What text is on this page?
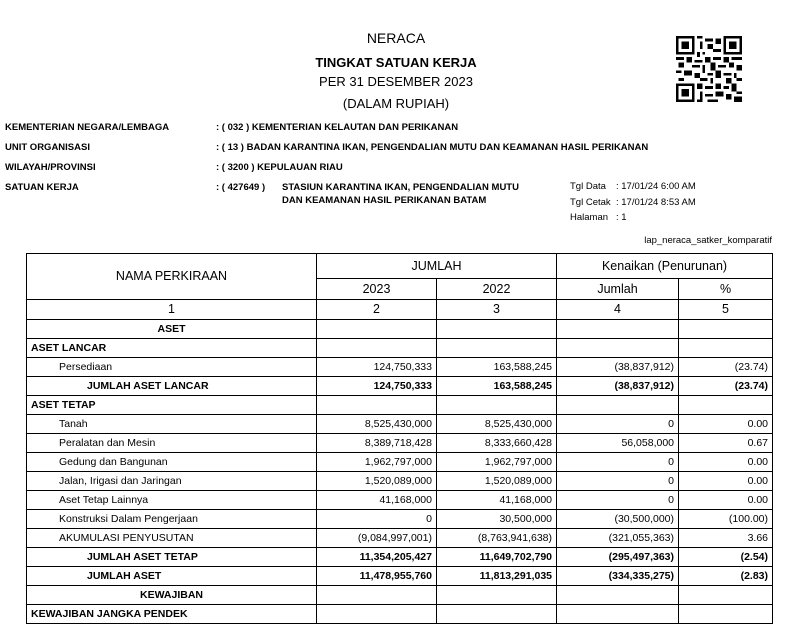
NERACA
TINGKAT SATUAN KERJA
PER 31 DESEMBER 2023
(DALAM RUPIAH)
KEMENTERIAN NEGARA/LEMBAGA	: ( 032 ) KEMENTERIAN KELAUTAN DAN PERIKANAN
UNIT ORGANISASI	: ( 13 ) BADAN KARANTINA IKAN, PENGENDALIAN MUTU DAN KEAMANAN HASIL PERIKANAN
WILAYAH/PROVINSI	: ( 3200 ) KEPULAUAN RIAU
SATUAN KERJA	: ( 427649 ) STASIUN KARANTINA IKAN, PENGENDALIAN MUTU
DAN KEAMANAN HASIL PERIKANAN BATAM
Tgl Data : 17/01/24 6:00 AM
Tgl Cetak : 17/01/24 8:53 AM
Halaman : 1
lap_neraca_satker_komparatif
NAMA PERKIRAAN	JUMLAH		Kenaikan (Penurunan)	
	2023	2022	Jumlah	%
1	2	3	4	5
ASET				
ASET LANCAR				
Persediaan	124,750,333	163,588,245	(38,837,912)	(23.74)
JUMLAH ASET LANCAR	124,750,333	163,588,245	(38,837,912)	(23.74)
ASET TETAP				
Tanah	8,525,430,000	8,525,430,000	0	0.00
Peralatan dan Mesin	8,389,718,428	8,333,660,428	56,058,000	0.67
Gedung dan Bangunan	1,962,797,000	1,962,797,000	0	0.00
Jalan, Irigasi dan Jaringan	1,520,089,000	1,520,089,000	0	0.00
Aset Tetap Lainnya	41,168,000	41,168,000	0	0.00
Konstruksi Dalam Pengerjaan	0	30,500,000	(30,500,000)	(100.00)
AKUMULASI PENYUSUTAN	(9,084,997,001)	(8,763,941,638)	(321,055,363)	3.66
JUMLAH ASET TETAP	11,354,205,427	11,649,702,790	(295,497,363)	(2.54)
JUMLAH ASET	11,478,955,760	11,813,291,035	(334,335,275)	(2.83)
KEWAJIBAN				
KEWAJIBAN JANGKA PENDEK				
